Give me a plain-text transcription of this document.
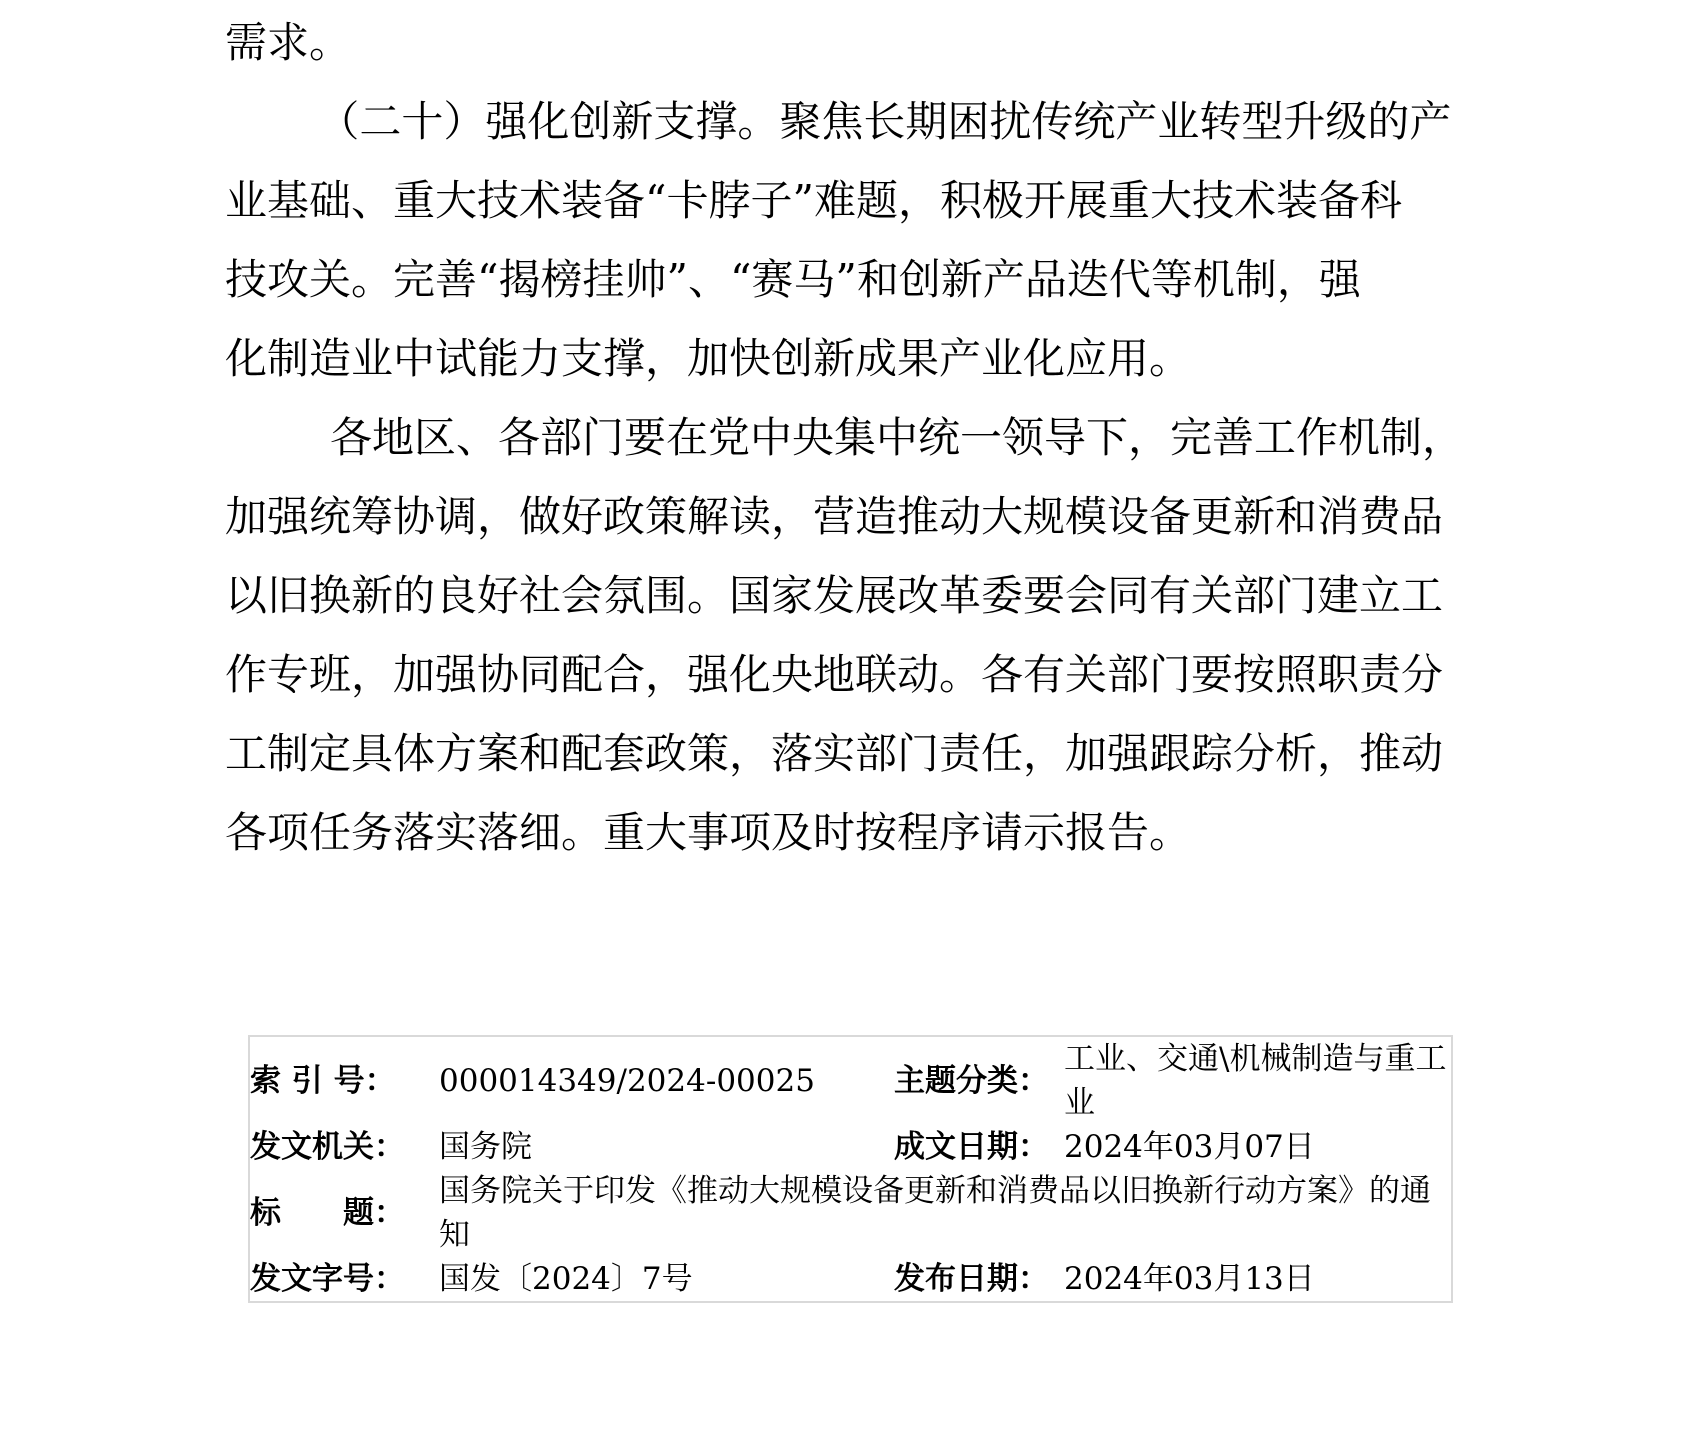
需求。
（二十）强化创新支撑。聚焦长期困扰传统产业转型升级的产
业基础、重大技术装备“卡脖子”难题，积极开展重大技术装备科
技攻关。完善“揭榜挂帅”、“赛马”和创新产品迭代等机制，强
化制造业中试能力支撑，加快创新成果产业化应用。
各地区、各部门要在党中央集中统一领导下，完善工作机制，
加强统筹协调，做好政策解读，营造推动大规模设备更新和消费品
以旧换新的良好社会氛围。国家发展改革委要会同有关部门建立工
作专班，加强协同配合，强化央地联动。各有关部门要按照职责分
工制定具体方案和配套政策，落实部门责任，加强跟踪分析，推动
各项任务落实落细。重大事项及时按程序请示报告。
索 引 号：	000014349/2024-00025	主题分类：	工业、交通\机械制造与重工业
发文机关：	国务院	成文日期：	2024年03月07日
标　　题：	国务院关于印发《推动大规模设备更新和消费品以旧换新行动方案》的通知		
发文字号：	国发〔2024〕7号	发布日期：	2024年03月13日
